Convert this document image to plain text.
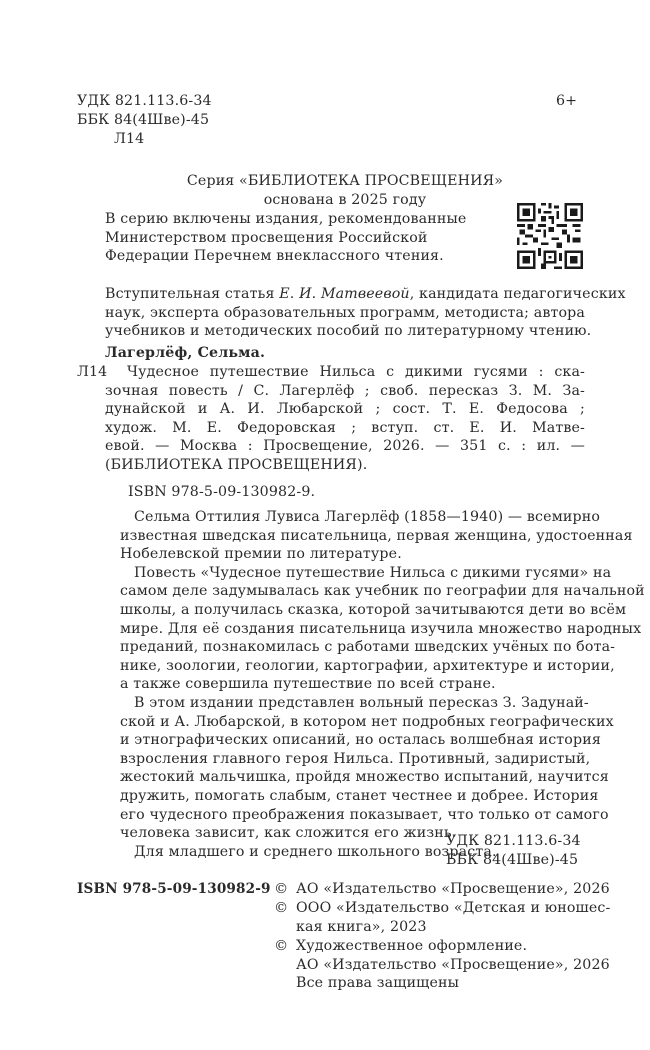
УДК 821.113.6-34
ББК 84(4Шве)-45
Л14
6+
Серия «БИБЛИОТЕКА ПРОСВЕЩЕНИЯ»
основана в 2025 году
В серию включены издания, рекомендованные
Министерством просвещения Российской
Федерации Перечнем внеклассного чтения.
Вступительная статья Е. И. Матвеевой, кандидата педагогических
наук, эксперта образовательных программ, методиста; автора
учебников и методических пособий по литературному чтению.
Лагерлёф, Сельма.
Л14	Чудесное путешествие Нильса с дикими гусями : ска-
зочная повесть / С. Лагерлёф ; своб. пересказ З. М. За-
дунайской и А. И. Любарской ; сост. Т. Е. Федосова ;
худож. М. Е. Федоровская ; вступ. ст. Е. И. Матве-
евой. — Москва : Просвещение, 2026. — 351 с. : ил. —
(БИБЛИОТЕКА ПРОСВЕЩЕНИЯ).
ISBN 978-5-09-130982-9.
Сельма Оттилия Лувиса Лагерлёф (1858—1940) — всемирно
известная шведская писательница, первая женщина, удостоенная
Нобелевской премии по литературе.
Повесть «Чудесное путешествие Нильса с дикими гусями» на
самом деле задумывалась как учебник по географии для начальной
школы, а получилась сказка, которой зачитываются дети во всём
мире. Для её создания писательница изучила множество народных
преданий, познакомилась с работами шведских учёных по бота-
нике, зоологии, геологии, картографии, архитектуре и истории,
а также совершила путешествие по всей стране.
В этом издании представлен вольный пересказ З. Задунай-
ской и А. Любарской, в котором нет подробных географических
и этнографических описаний, но осталась волшебная история
взросления главного героя Нильса. Противный, задиристый,
жестокий мальчишка, пройдя множество испытаний, научится
дружить, помогать слабым, станет честнее и добрее. История
его чудесного преображения показывает, что только от самого
человека зависит, как сложится его жизнь.
Для младшего и среднего школьного возраста.
УДК 821.113.6-34
ББК 84(4Шве)-45
ISBN 978-5-09-130982-9 © АО «Издательство «Просвещение», 2026
© ООО «Издательство «Детская и юношес-
кая книга», 2023
© Художественное оформление.
АО «Издательство «Просвещение», 2026
Все права защищены
